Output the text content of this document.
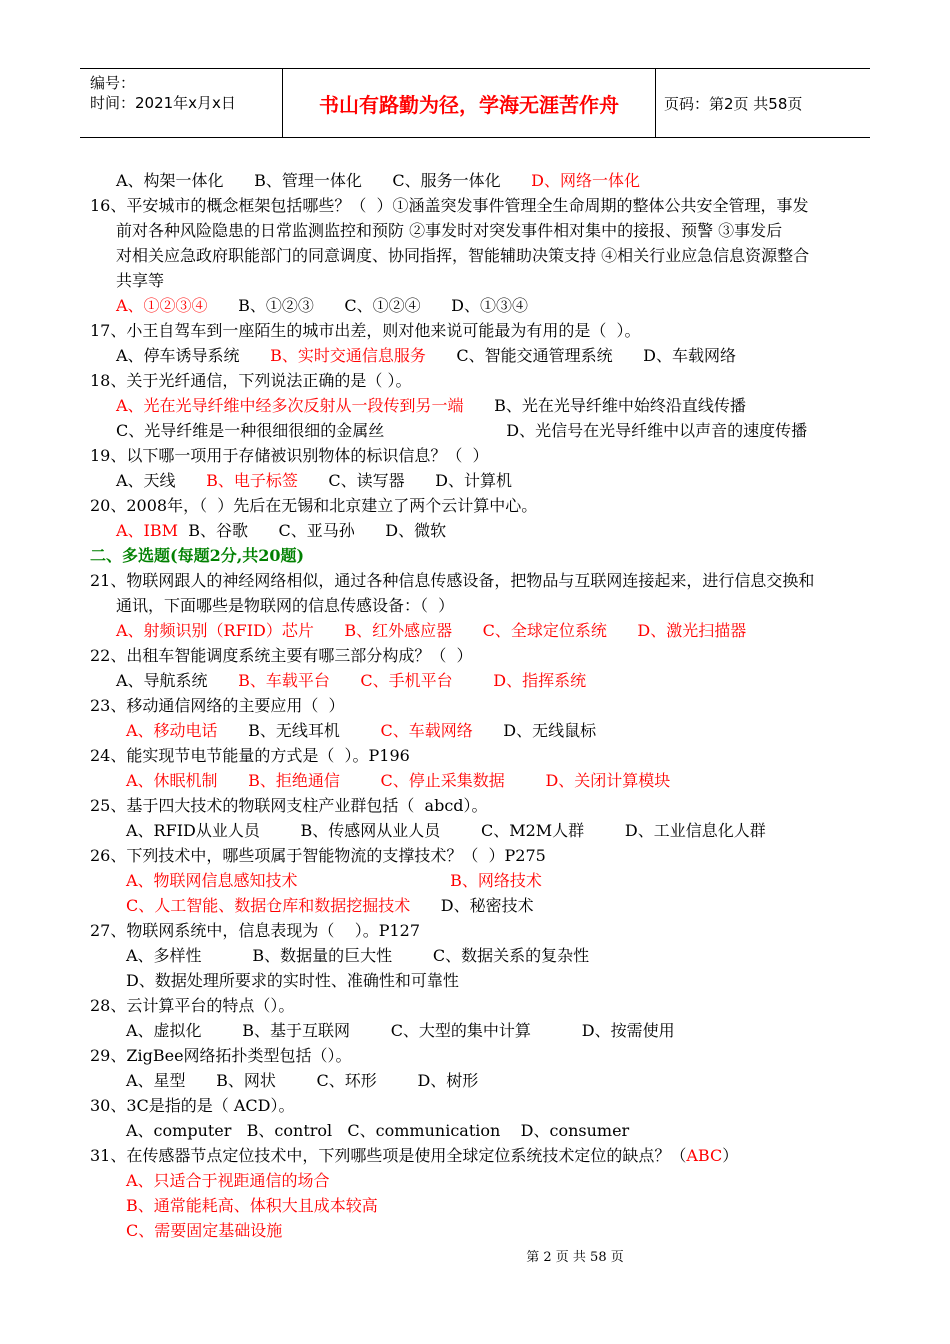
编号：
时间：2021年x月x日	书山有路勤为径，学海无涯苦作舟	页码：第2页 共58页
A、构架一体化      B、管理一体化      C、服务一体化      D、网络一体化
16、平安城市的概念框架包括哪些？（  ）①涵盖突发事件管理全生命周期的整体公共安全管理，事发
前对各种风险隐患的日常监测监控和预防 ②事发时对突发事件相对集中的接报、预警 ③事发后
对相关应急政府职能部门的同意调度、协同指挥，智能辅助决策支持 ④相关行业应急信息资源整合
共享等
A、①②③④      B、①②③      C、①②④      D、①③④
17、小王自驾车到一座陌生的城市出差，则对他来说可能最为有用的是（  ）。
A、停车诱导系统      B、实时交通信息服务      C、智能交通管理系统      D、车载网络
18、关于光纤通信，下列说法正确的是（ ）。
A、光在光导纤维中经多次反射从一段传到另一端      B、光在光导纤维中始终沿直线传播
C、光导纤维是一种很细很细的金属丝                        D、光信号在光导纤维中以声音的速度传播
19、以下哪一项用于存储被识别物体的标识信息？（  ）
A、天线      B、电子标签      C、读写器      D、计算机
20、2008年，（  ）先后在无锡和北京建立了两个云计算中心。
A、IBM  B、谷歌      C、亚马孙      D、微软
二、多选题(每题2分,共20题)
21、物联网跟人的神经网络相似，通过各种信息传感设备，把物品与互联网连接起来，进行信息交换和
通讯，下面哪些是物联网的信息传感设备：（  ）
A、射频识别（RFID）芯片      B、红外感应器      C、全球定位系统      D、激光扫描器
22、出租车智能调度系统主要有哪三部分构成？（  ）
A、导航系统      B、车载平台      C、手机平台        D、指挥系统
23、移动通信网络的主要应用（  ）
A、移动电话      B、无线耳机        C、车载网络      D、无线鼠标
24、能实现节电节能量的方式是（  ）。P196
A、休眠机制      B、拒绝通信        C、停止采集数据        D、关闭计算模块
25、基于四大技术的物联网支柱产业群包括（  abcd）。
A、RFID从业人员        B、传感网从业人员        C、M2M人群        D、工业信息化人群
26、下列技术中，哪些项属于智能物流的支撑技术？（  ）P275
A、物联网信息感知技术                              B、网络技术
C、人工智能、数据仓库和数据挖掘技术      D、秘密技术
27、物联网系统中，信息表现为（    ）。P127
A、多样性          B、数据量的巨大性        C、数据关系的复杂性
D、数据处理所要求的实时性、准确性和可靠性
28、云计算平台的特点（）。
A、虚拟化        B、基于互联网        C、大型的集中计算          D、按需使用
29、ZigBee网络拓扑类型包括（）。
A、星型      B、网状        C、环形        D、树形
30、3C是指的是（ ACD）。
A、computer   B、control   C、communication    D、consumer
31、在传感器节点定位技术中，下列哪些项是使用全球定位系统技术定位的缺点？（ABC）
A、只适合于视距通信的场合
B、通常能耗高、体积大且成本较高
C、需要固定基础设施
第 2 页 共 58 页
